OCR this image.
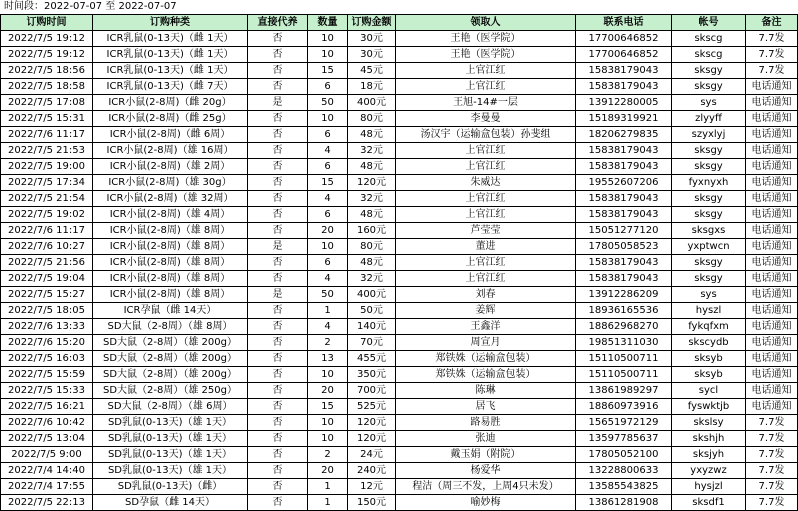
时间段：2022-07-07 至 2022-07-07
订购时间	订购种类	直接代养	数量	订购金额	领取人	联系电话	帐号	备注
2022/7/5 19:12	ICR乳鼠(0-13天)（雌 1天）	否	10	30元	王艳（医学院）	17700646852	skscg	7.7发
2022/7/5 19:12	ICR乳鼠(0-13天)（雌 1天）	否	10	30元	王艳（医学院）	17700646852	skscg	7.7发
2022/7/5 18:56	ICR乳鼠(0-13天)（雌 1天）	否	15	45元	上官江红	15838179043	sksgy	7.7发
2022/7/5 18:58	ICR乳鼠(0-13天)（雌 7天）	否	6	18元	上官江红	15838179043	sksgy	电话通知
2022/7/5 17:08	ICR小鼠(2-8周)（雌 20g）	是	50	400元	王旭-14#一层	13912280005	sys	电话通知
2022/7/5 15:31	ICR小鼠(2-8周)（雌 25g）	否	10	80元	李曼曼	15189319921	zlyyff	电话通知
2022/7/6 11:17	ICR小鼠(2-8周)（雌 6周）	否	6	48元	汤汉宇（运输盒包装）孙斐组	18206279835	szyxlyj	电话通知
2022/7/5 21:53	ICR小鼠(2-8周)（雄 16周）	否	4	32元	上官江红	15838179043	sksgy	电话通知
2022/7/5 19:00	ICR小鼠(2-8周)（雄 2周）	否	6	48元	上官江红	15838179043	sksgy	电话通知
2022/7/5 17:34	ICR小鼠(2-8周)（雄 30g）	否	15	120元	朱威达	19552607206	fyxnyxh	电话通知
2022/7/5 21:54	ICR小鼠(2-8周)（雄 32周）	否	4	32元	上官江红	15838179043	sksgy	电话通知
2022/7/5 19:02	ICR小鼠(2-8周)（雄 4周）	否	6	48元	上官江红	15838179043	sksgy	电话通知
2022/7/6 11:17	ICR小鼠(2-8周)（雄 8周）	否	20	160元	芦莹莹	15051277120	sksgxs	电话通知
2022/7/6 10:27	ICR小鼠(2-8周)（雄 8周）	是	10	80元	董进	17805058523	yxptwcn	电话通知
2022/7/5 21:56	ICR小鼠(2-8周)（雄 8周）	否	6	48元	上官江红	15838179043	sksgy	电话通知
2022/7/5 19:04	ICR小鼠(2-8周)（雄 8周）	否	4	32元	上官江红	15838179043	sksgy	电话通知
2022/7/5 15:27	ICR小鼠(2-8周)（雄 8周）	是	50	400元	刘春	13912286209	sys	电话通知
2022/7/5 18:05	ICR孕鼠（雌 14天）	否	1	50元	姜辉	18936165536	hyszl	电话通知
2022/7/6 13:33	SD大鼠（2-8周）（雄 8周）	否	4	140元	王鑫洋	18862968270	fykqfxm	电话通知
2022/7/6 15:20	SD大鼠（2-8周）（雄 200g）	否	2	70元	周宣月	19851311030	skscydb	电话通知
2022/7/5 16:03	SD大鼠（2-8周）（雄 200g）	否	13	455元	郑铁姝（运输盒包装）	15110500711	sksyb	电话通知
2022/7/5 15:59	SD大鼠（2-8周）（雄 200g）	否	10	350元	郑铁姝（运输盒包装）	15110500711	sksyb	电话通知
2022/7/5 15:33	SD大鼠（2-8周）（雄 250g）	否	20	700元	陈琳	13861989297	sycl	电话通知
2022/7/5 16:21	SD大鼠（2-8周）（雄 6周）	否	15	525元	居飞	18860973916	fyswktjb	电话通知
2022/7/6 10:42	SD乳鼠(0-13天)（雄 1天）	否	10	120元	路易胜	15651972129	skslsy	7.7发
2022/7/5 13:04	SD乳鼠(0-13天)（雄 1天）	否	10	120元	张迪	13597785637	skshjh	7.7发
2022/7/5 9:00	SD乳鼠(0-13天)（雄 1天）	否	2	24元	戴玉娟（附院）	17805052100	sksjyh	7.7发
2022/7/4 14:40	SD乳鼠(0-13天)（雄 1天）	否	20	240元	杨爱华	13228800633	yxyzwz	7.7发
2022/7/4 17:55	SD乳鼠(0-13天)（雌）	否	1	12元	程洁（周三不发，上周4只未发）	13585543825	hysjzl	7.7发
2022/7/5 22:13	SD孕鼠（雌 14天）	否	1	150元	喻妙梅	13861281908	sksdf1	7.7发
